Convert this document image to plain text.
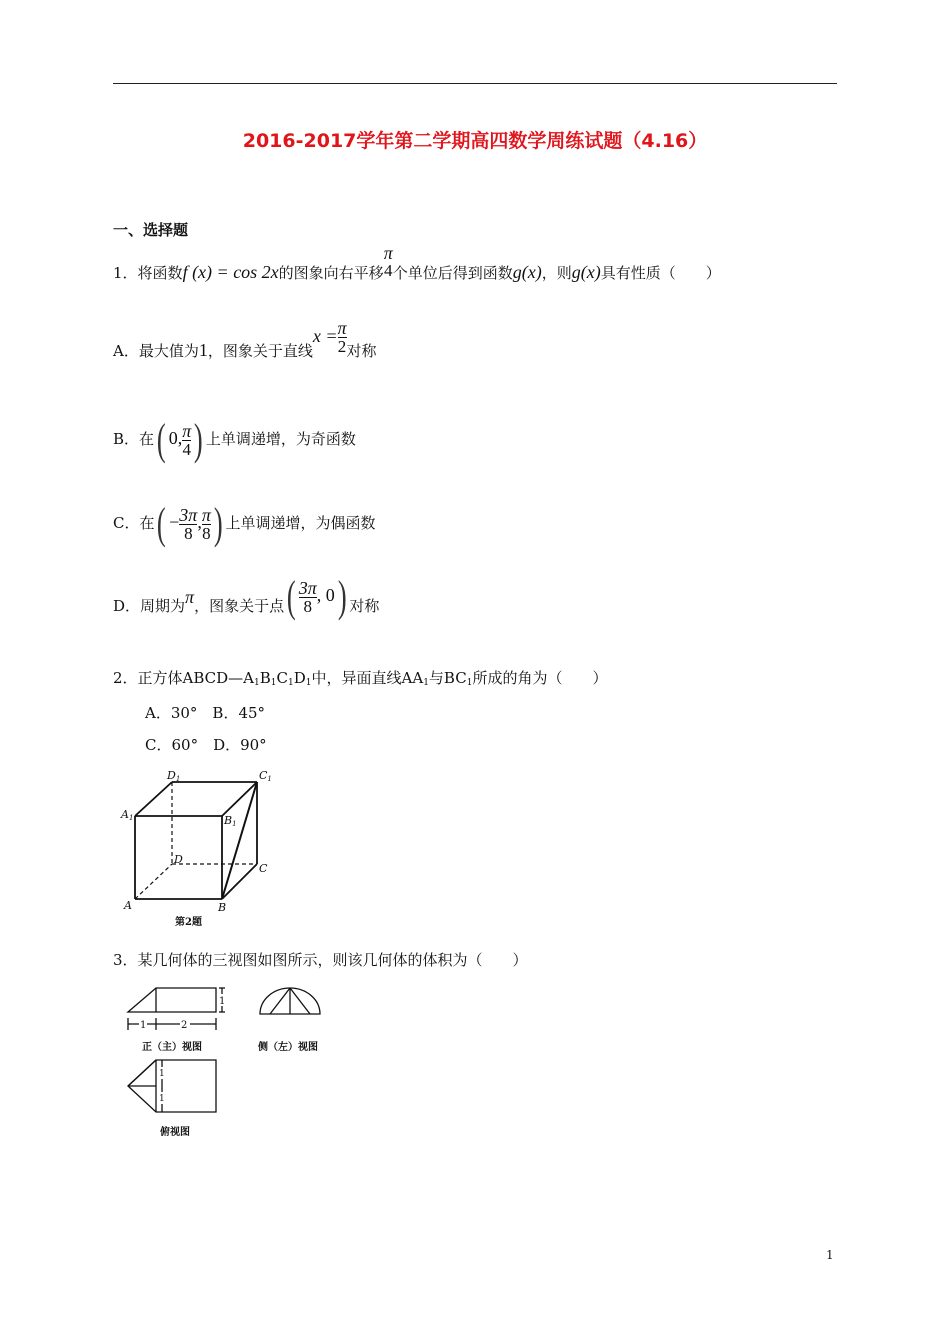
2016-2017学年第二学期高四数学周练试题（4.16）
一、选择题
1．将函数f (x) = cos 2x的图象向右平移
π
4 个单位后得到函数g(x)，则g(x)具有性质（　　）
A．最大值为1，图象关于直线$x = \frac{\pi}{2}$ 对称
B．在( 0, $\frac{\pi}{4}$ ) 上单调递增，为奇函数
C．在( − $\frac{3\pi}{8}$ , $\frac{\pi}{8}$ ) 上单调递增，为偶函数
D．周期为π，图象关于点( $\frac{3\pi}{8}$ , 0) 对称
2．正方体$ABCD—A_1B_1C_1D_1$中，异面直线$AA_1$与$BC_1$所成的角为（　　）
A．30°　B．45°
C．60°　D．90°
D1	C1
A1	B1
D
C
A	B
第2题
3．某几何体的三视图如图所示，则该几何体的体积为（　　）
1	2
1
正（主）视图	侧（左）视图
1
1
俯视图
1
